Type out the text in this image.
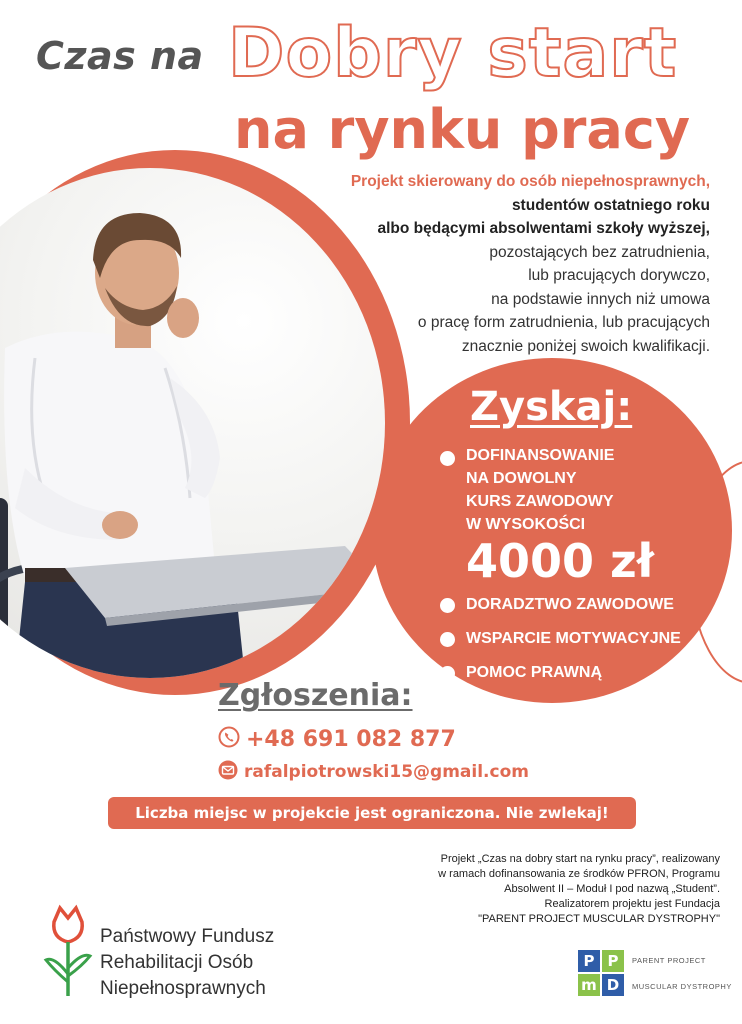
Czas na Dobry start
na rynku pracy
Projekt skierowany do osób niepełnosprawnych,
studentów ostatniego roku
albo będącymi absolwentami szkoły wyższej,
pozostających bez zatrudnienia,
lub pracujących dorywczo,
na podstawie innych niż umowa
o pracę form zatrudnienia, lub pracujących
znacznie poniżej swoich kwalifikacji.
Zyskaj:
DOFINANSOWANIE
NA DOWOLNY
KURS ZAWODOWY
W WYSOKOŚCI
4000 zł
DORADZTWO ZAWODOWE
WSPARCIE MOTYWACYJNE
POMOC PRAWNĄ
Zgłoszenia:
+48 691 082 877
rafalpiotrowski15@gmail.com
Liczba miejsc w projekcie jest ograniczona. Nie zwlekaj!
Projekt „Czas na dobry start na rynku pracy”, realizowany
w ramach dofinansowania ze środków PFRON, Programu
Absolwent II – Moduł I pod nazwą „Student”.
Realizatorem projektu jest Fundacja
"PARENT PROJECT MUSCULAR DYSTROPHY"
Państwowy Fundusz
Rehabilitacji Osób
Niepełnosprawnych
P P
m D
PARENT PROJECT
MUSCULAR DYSTROPHY
